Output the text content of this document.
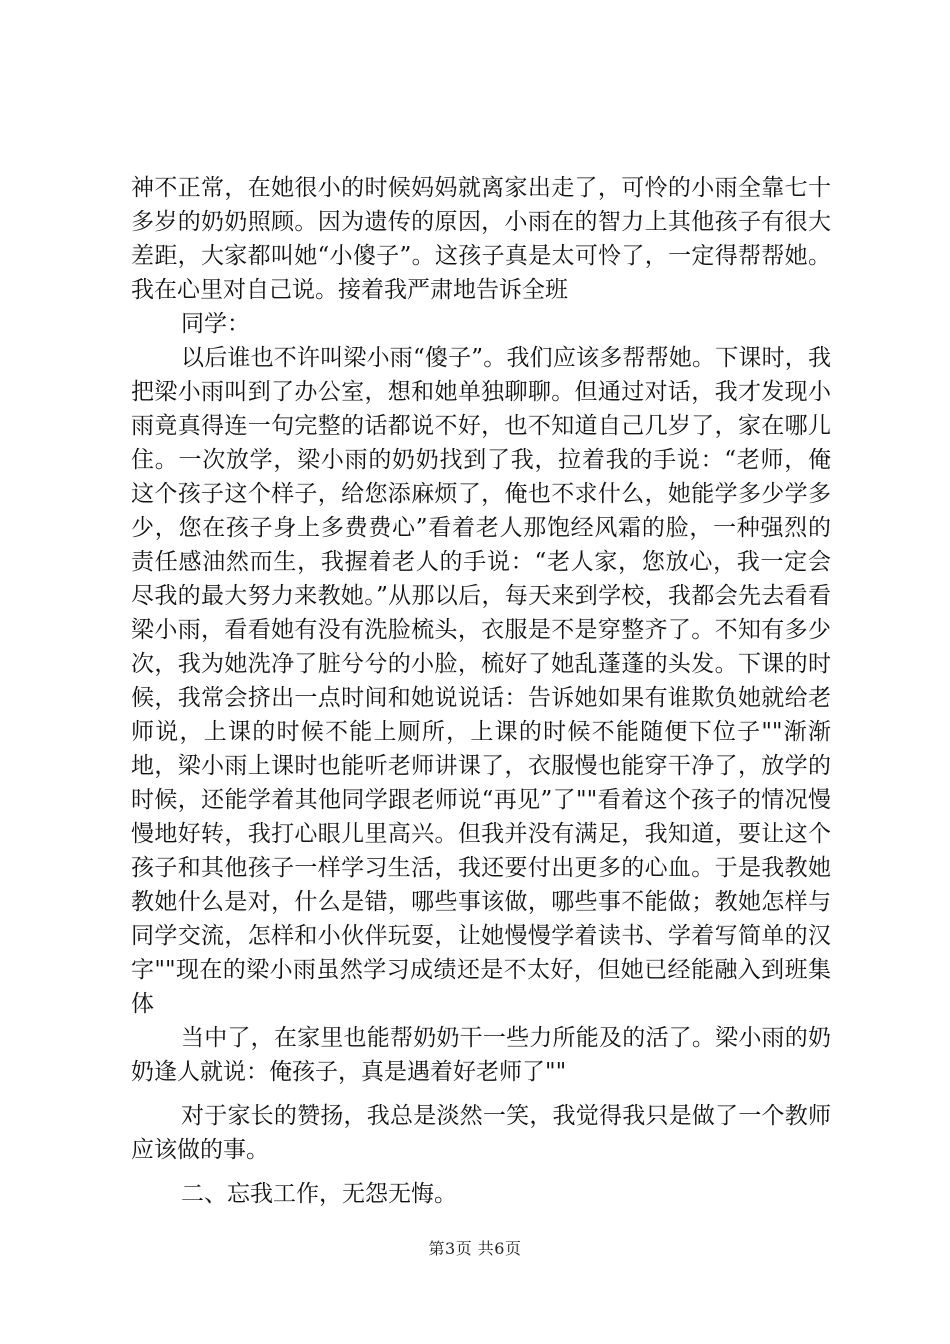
神不正常，在她很小的时候妈妈就离家出走了，可怜的小雨全靠七十多岁的奶奶照顾。因为遗传的原因，小雨在的智力上其他孩子有很大差距，大家都叫她“小傻子”。这孩子真是太可怜了，一定得帮帮她。我在心里对自己说。接着我严肃地告诉全班

同学：

以后谁也不许叫梁小雨“傻子”。我们应该多帮帮她。下课时，我把梁小雨叫到了办公室，想和她单独聊聊。但通过对话，我才发现小雨竟真得连一句完整的话都说不好，也不知道自己几岁了，家在哪儿住。一次放学，梁小雨的奶奶找到了我，拉着我的手说：“老师，俺这个孩子这个样子，给您添麻烦了，俺也不求什么，她能学多少学多少，您在孩子身上多费费心”看着老人那饱经风霜的脸，一种强烈的责任感油然而生，我握着老人的手说：“老人家，您放心，我一定会尽我的最大努力来教她。”从那以后，每天来到学校，我都会先去看看梁小雨，看看她有没有洗脸梳头，衣服是不是穿整齐了。不知有多少次，我为她洗净了脏兮兮的小脸，梳好了她乱蓬蓬的头发。下课的时候，我常会挤出一点时间和她说说话：告诉她如果有谁欺负她就给老师说，上课的时候不能上厕所，上课的时候不能随便下位子""渐渐地，梁小雨上课时也能听老师讲课了，衣服慢也能穿干净了，放学的时候，还能学着其他同学跟老师说“再见”了""看着这个孩子的情况慢慢地好转，我打心眼儿里高兴。但我并没有满足，我知道，要让这个孩子和其他孩子一样学习生活，我还要付出更多的心血。于是我教她教她什么是对，什么是错，哪些事该做，哪些事不能做；教她怎样与同学交流，怎样和小伙伴玩耍，让她慢慢学着读书、学着写简单的汉字""现在的梁小雨虽然学习成绩还是不太好，但她已经能融入到班集体

当中了，在家里也能帮奶奶干一些力所能及的活了。梁小雨的奶奶逢人就说：俺孩子，真是遇着好老师了""

对于家长的赞扬，我总是淡然一笑，我觉得我只是做了一个教师应该做的事。

二、忘我工作，无怨无悔。

第3页 共6页
